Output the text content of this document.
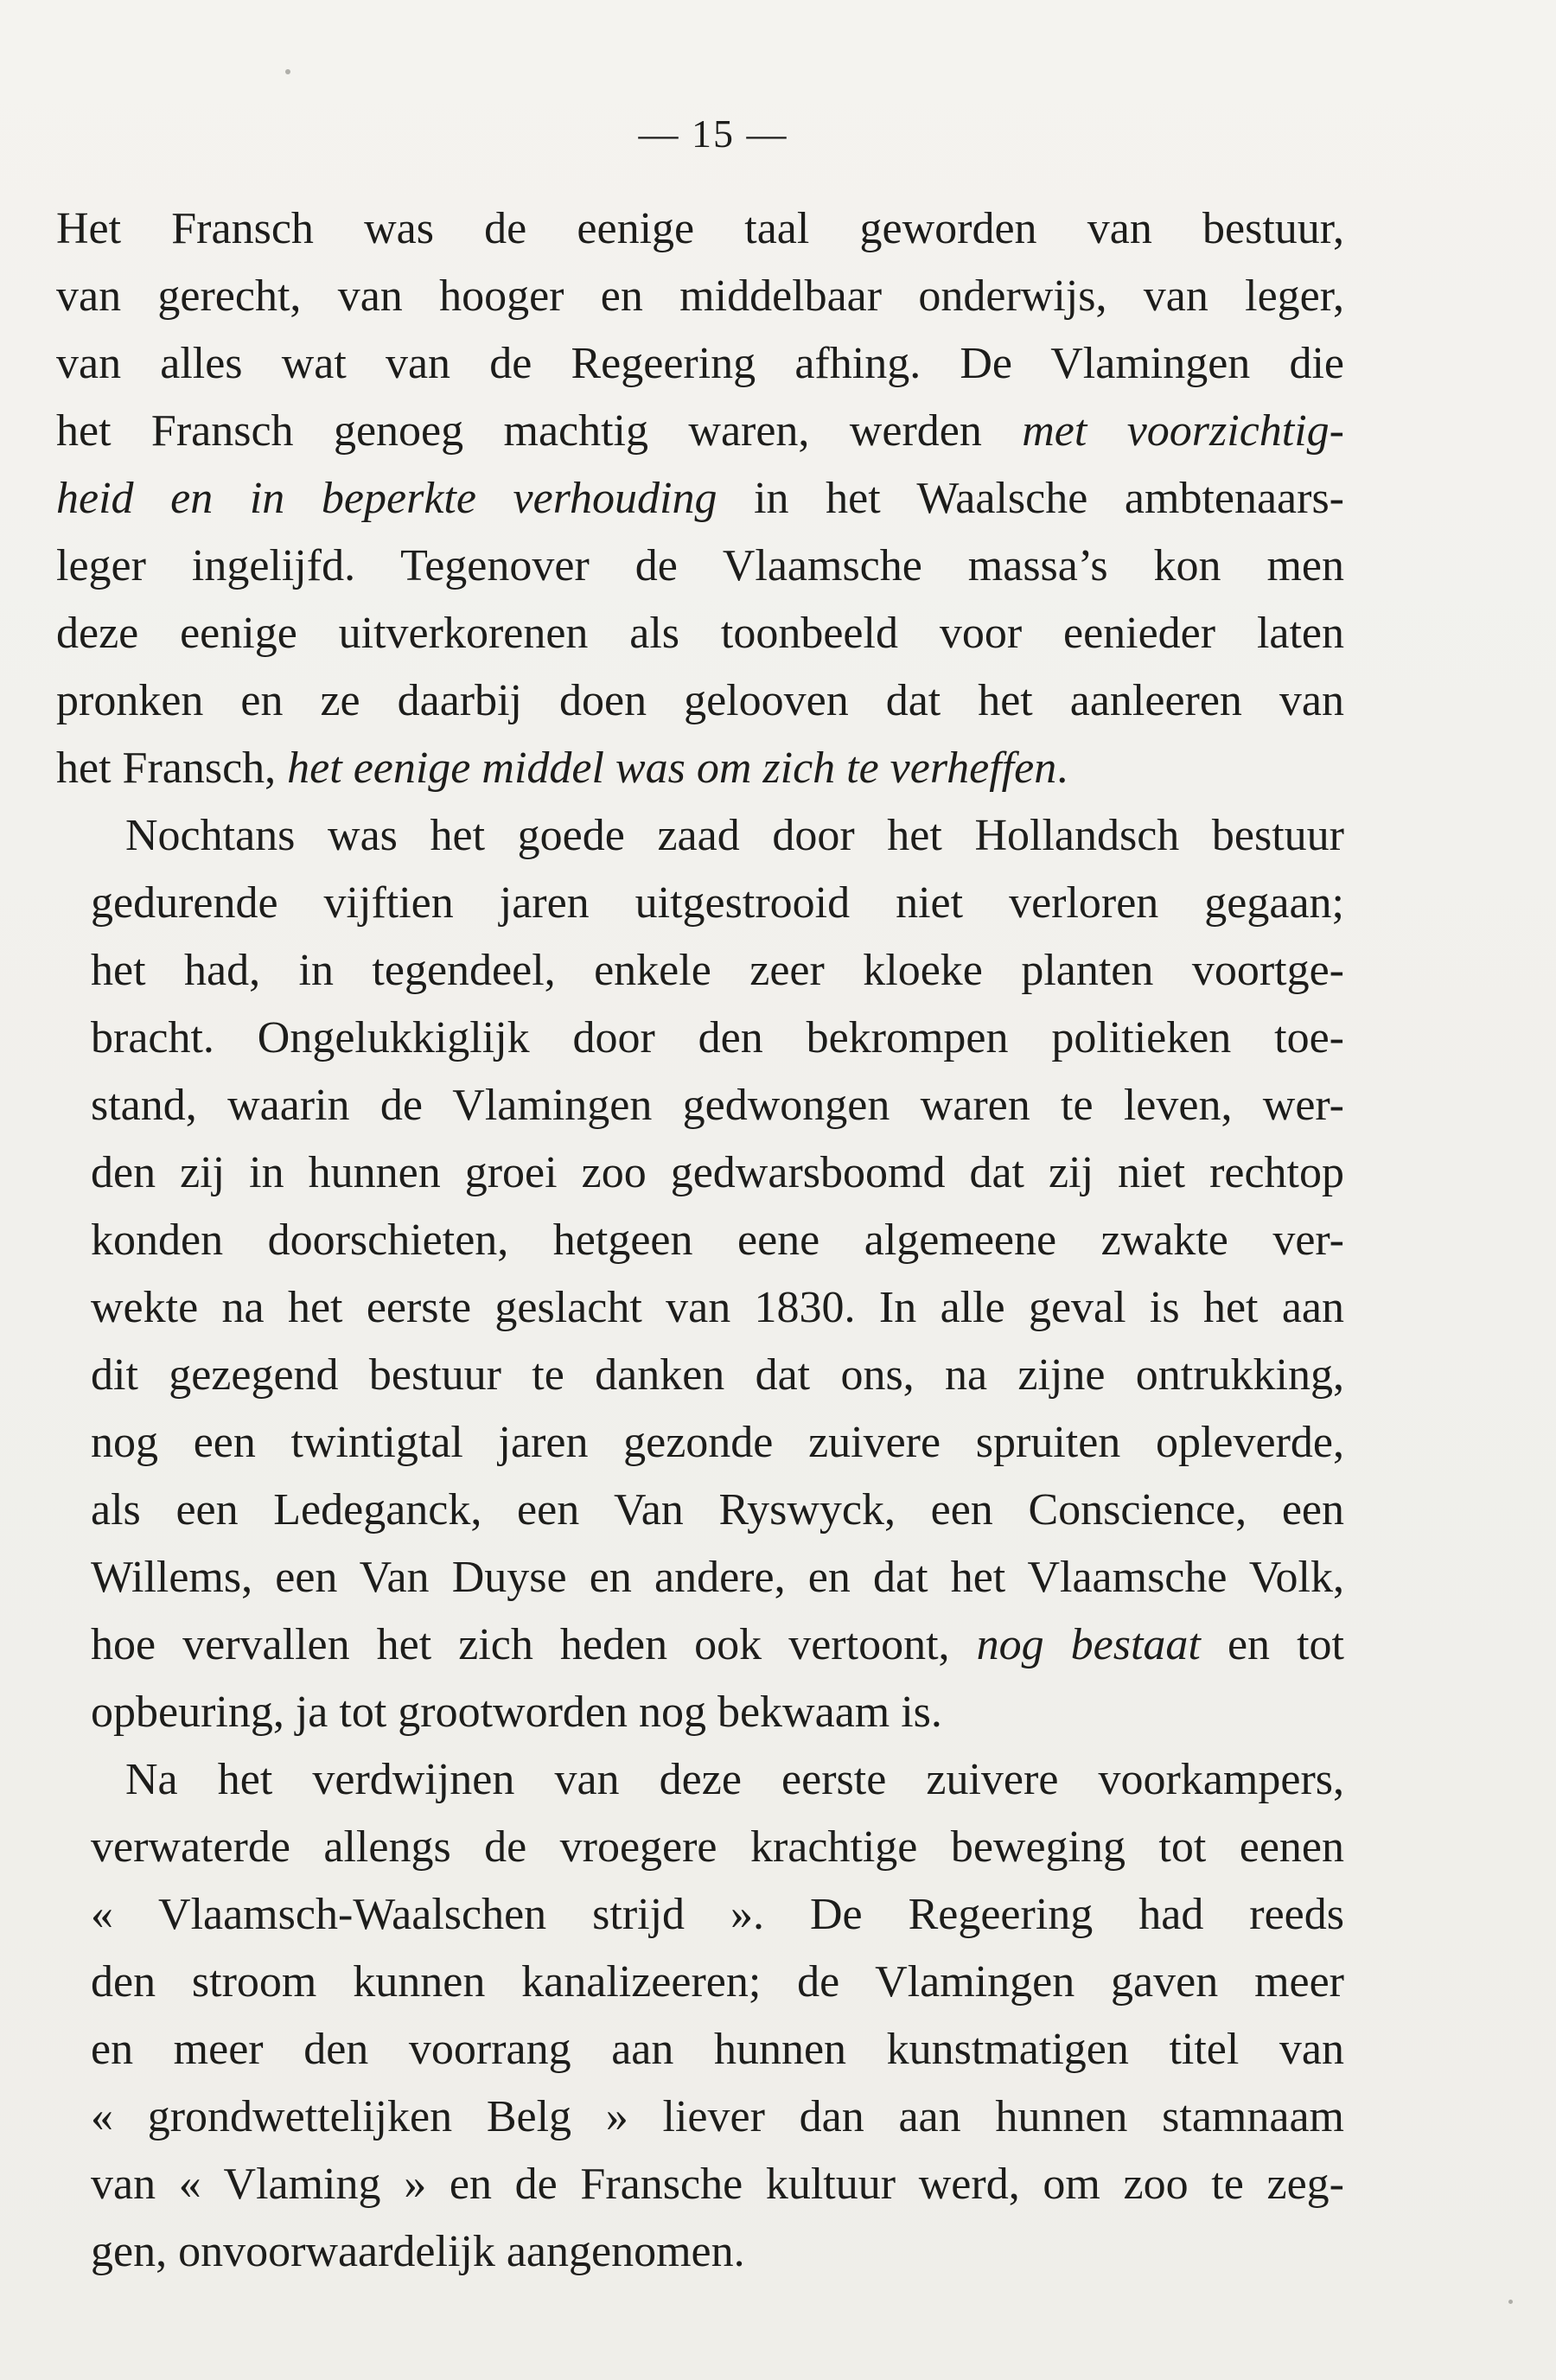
— 15 —

Het Fransch was de eenige taal geworden van bestuur,
van gerecht, van hooger en middelbaar onderwijs, van leger,
van alles wat van de Regeering afhing. De Vlamingen die
het Fransch genoeg machtig waren, werden met voorzichtig-
heid en in beperkte verhouding in het Waalsche ambtenaars-
leger ingelijfd. Tegenover de Vlaamsche massa’s kon men
deze eenige uitverkorenen als toonbeeld voor eenieder laten
pronken en ze daarbij doen gelooven dat het aanleeren van
het Fransch, het eenige middel was om zich te verheffen.

Nochtans was het goede zaad door het Hollandsch bestuur
gedurende vijftien jaren uitgestrooid niet verloren gegaan;
het had, in tegendeel, enkele zeer kloeke planten voortge-
bracht. Ongelukkiglijk door den bekrompen politieken toe-
stand, waarin de Vlamingen gedwongen waren te leven, wer-
den zij in hunnen groei zoo gedwarsboomd dat zij niet rechtop
konden doorschieten, hetgeen eene algemeene zwakte ver-
wekte na het eerste geslacht van 1830. In alle geval is het aan
dit gezegend bestuur te danken dat ons, na zijne ontrukking,
nog een twintigtal jaren gezonde zuivere spruiten opleverde,
als een Ledeganck, een Van Ryswyck, een Conscience, een
Willems, een Van Duyse en andere, en dat het Vlaamsche Volk,
hoe vervallen het zich heden ook vertoont, nog bestaat en tot
opbeuring, ja tot grootworden nog bekwaam is.

Na het verdwijnen van deze eerste zuivere voorkampers,
verwaterde allengs de vroegere krachtige beweging tot eenen
« Vlaamsch-Waalschen strijd ». De Regeering had reeds
den stroom kunnen kanalizeeren; de Vlamingen gaven meer
en meer den voorrang aan hunnen kunstmatigen titel van
« grondwettelijken Belg » liever dan aan hunnen stamnaam
van « Vlaming » en de Fransche kultuur werd, om zoo te zeg-
gen, onvoorwaardelijk aangenomen.
